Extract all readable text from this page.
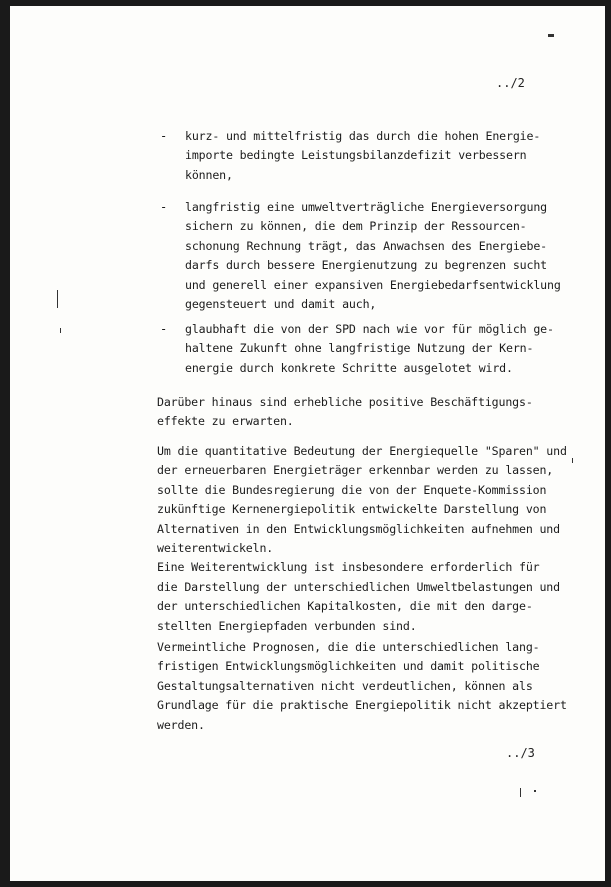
../2
- kurz- und mittelfristig das durch die hohen Energie-
importe bedingte Leistungsbilanzdefizit verbessern
können,
- langfristig eine umweltverträgliche Energieversorgung
sichern zu können, die dem Prinzip der Ressourcen-
schonung Rechnung trägt, das Anwachsen des Energiebe-
darfs durch bessere Energienutzung zu begrenzen sucht
und generell einer expansiven Energiebedarfsentwicklung
gegensteuert und damit auch,
- glaubhaft die von der SPD nach wie vor für möglich ge-
haltene Zukunft ohne langfristige Nutzung der Kern-
energie durch konkrete Schritte ausgelotet wird.
Darüber hinaus sind erhebliche positive Beschäftigungs-
effekte zu erwarten.
Um die quantitative Bedeutung der Energiequelle "Sparen" und
der erneuerbaren Energieträger erkennbar werden zu lassen,
sollte die Bundesregierung die von der Enquete-Kommission
zukünftige Kernenergiepolitik entwickelte Darstellung von
Alternativen in den Entwicklungsmöglichkeiten aufnehmen und
weiterentwickeln.
Eine Weiterentwicklung ist insbesondere erforderlich für
die Darstellung der unterschiedlichen Umweltbelastungen und
der unterschiedlichen Kapitalkosten, die mit den darge-
stellten Energiepfaden verbunden sind.
Vermeintliche Prognosen, die die unterschiedlichen lang-
fristigen Entwicklungsmöglichkeiten und damit politische
Gestaltungsalternativen nicht verdeutlichen, können als
Grundlage für die praktische Energiepolitik nicht akzeptiert
werden.
../3
